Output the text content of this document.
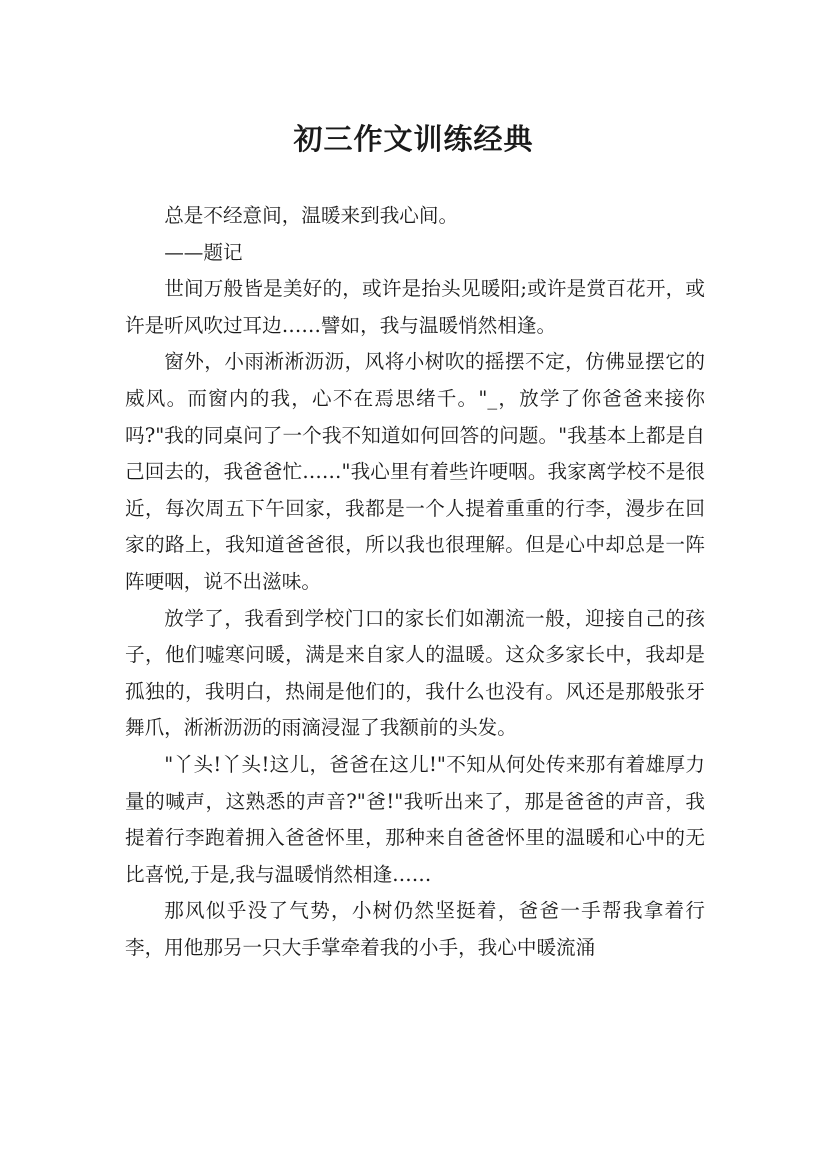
初三作文训练经典

总是不经意间，温暖来到我心间。

——题记

世间万般皆是美好的，或许是抬头见暖阳;或许是赏百花开，或许是听风吹过耳边……譬如，我与温暖悄然相逢。

窗外，小雨淅淅沥沥，风将小树吹的摇摆不定，仿佛显摆它的威风。而窗内的我，心不在焉思绪千。"_，放学了你爸爸来接你吗?"我的同桌问了一个我不知道如何回答的问题。"我基本上都是自己回去的，我爸爸忙……"我心里有着些许哽咽。我家离学校不是很近，每次周五下午回家，我都是一个人提着重重的行李，漫步在回家的路上，我知道爸爸很，所以我也很理解。但是心中却总是一阵阵哽咽，说不出滋味。

放学了，我看到学校门口的家长们如潮流一般，迎接自己的孩子，他们嘘寒问暖，满是来自家人的温暖。这众多家长中，我却是孤独的，我明白，热闹是他们的，我什么也没有。风还是那般张牙舞爪，淅淅沥沥的雨滴浸湿了我额前的头发。

"丫头!丫头!这儿，爸爸在这儿!"不知从何处传来那有着雄厚力量的喊声，这熟悉的声音?"爸!"我听出来了，那是爸爸的声音，我提着行李跑着拥入爸爸怀里，那种来自爸爸怀里的温暖和心中的无比喜悦,于是,我与温暖悄然相逢……

那风似乎没了气势，小树仍然坚挺着，爸爸一手帮我拿着行李，用他那另一只大手掌牵着我的小手，我心中暖流涌
